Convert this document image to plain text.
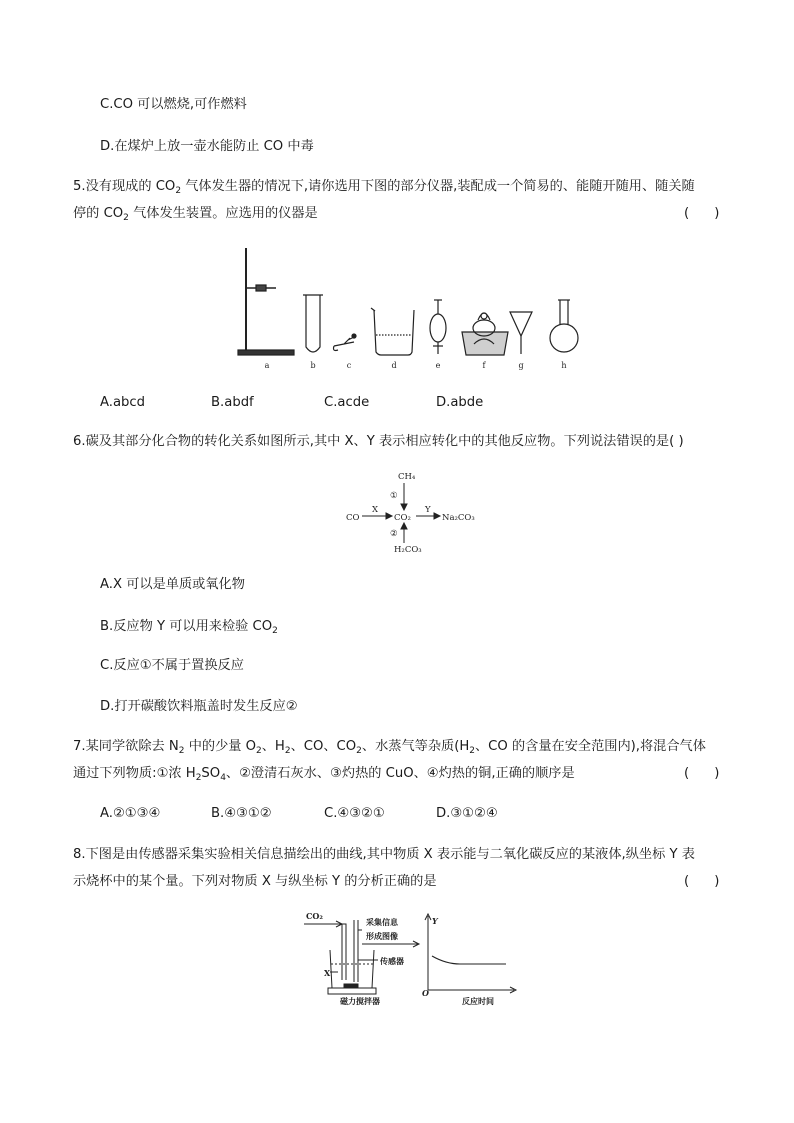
C.CO 可以燃烧,可作燃料
D.在煤炉上放一壶水能防止 CO 中毒
5.没有现成的 $CO_2$ 气体发生器的情况下,请你选用下图的部分仪器,装配成一个简易的、能随开随用、随关随
停的 $CO_2$ 气体发生装置。应选用的仪器是	(      )
a	b	c	d	e	f	g	h
A.abcd	B.abdf	C.acde	D.abde
6.碳及其部分化合物的转化关系如图所示,其中 X、Y 表示相应转化中的其他反应物。下列说法错误的是( )
CH₄
①
CO
X
CO₂
Y
Na₂CO₃
②
H₂CO₃
A.X 可以是单质或氧化物
B.反应物 Y 可以用来检验 $CO_2$
C.反应①不属于置换反应
D.打开碳酸饮料瓶盖时发生反应②
7.某同学欲除去 $N_2$ 中的少量 $O_2$、$H_2$、CO、$CO_2$、水蒸气等杂质($H_2$、CO 的含量在安全范围内),将混合气体
通过下列物质:①浓 $H_2SO_4$、②澄清石灰水、③灼热的 CuO、④灼热的铜,正确的顺序是	(      )
A.②①③④	B.④③①②	C.④③②①	D.③①②④
8.下图是由传感器采集实验相关信息描绘出的曲线,其中物质 X 表示能与二氧化碳反应的某液体,纵坐标 Y 表
示烧杯中的某个量。下列对物质 X 与纵坐标 Y 的分析正确的是	(      )
CO₂
采集信息
形成图像
传感器
X
磁力搅拌器
Y
O
反应时间
